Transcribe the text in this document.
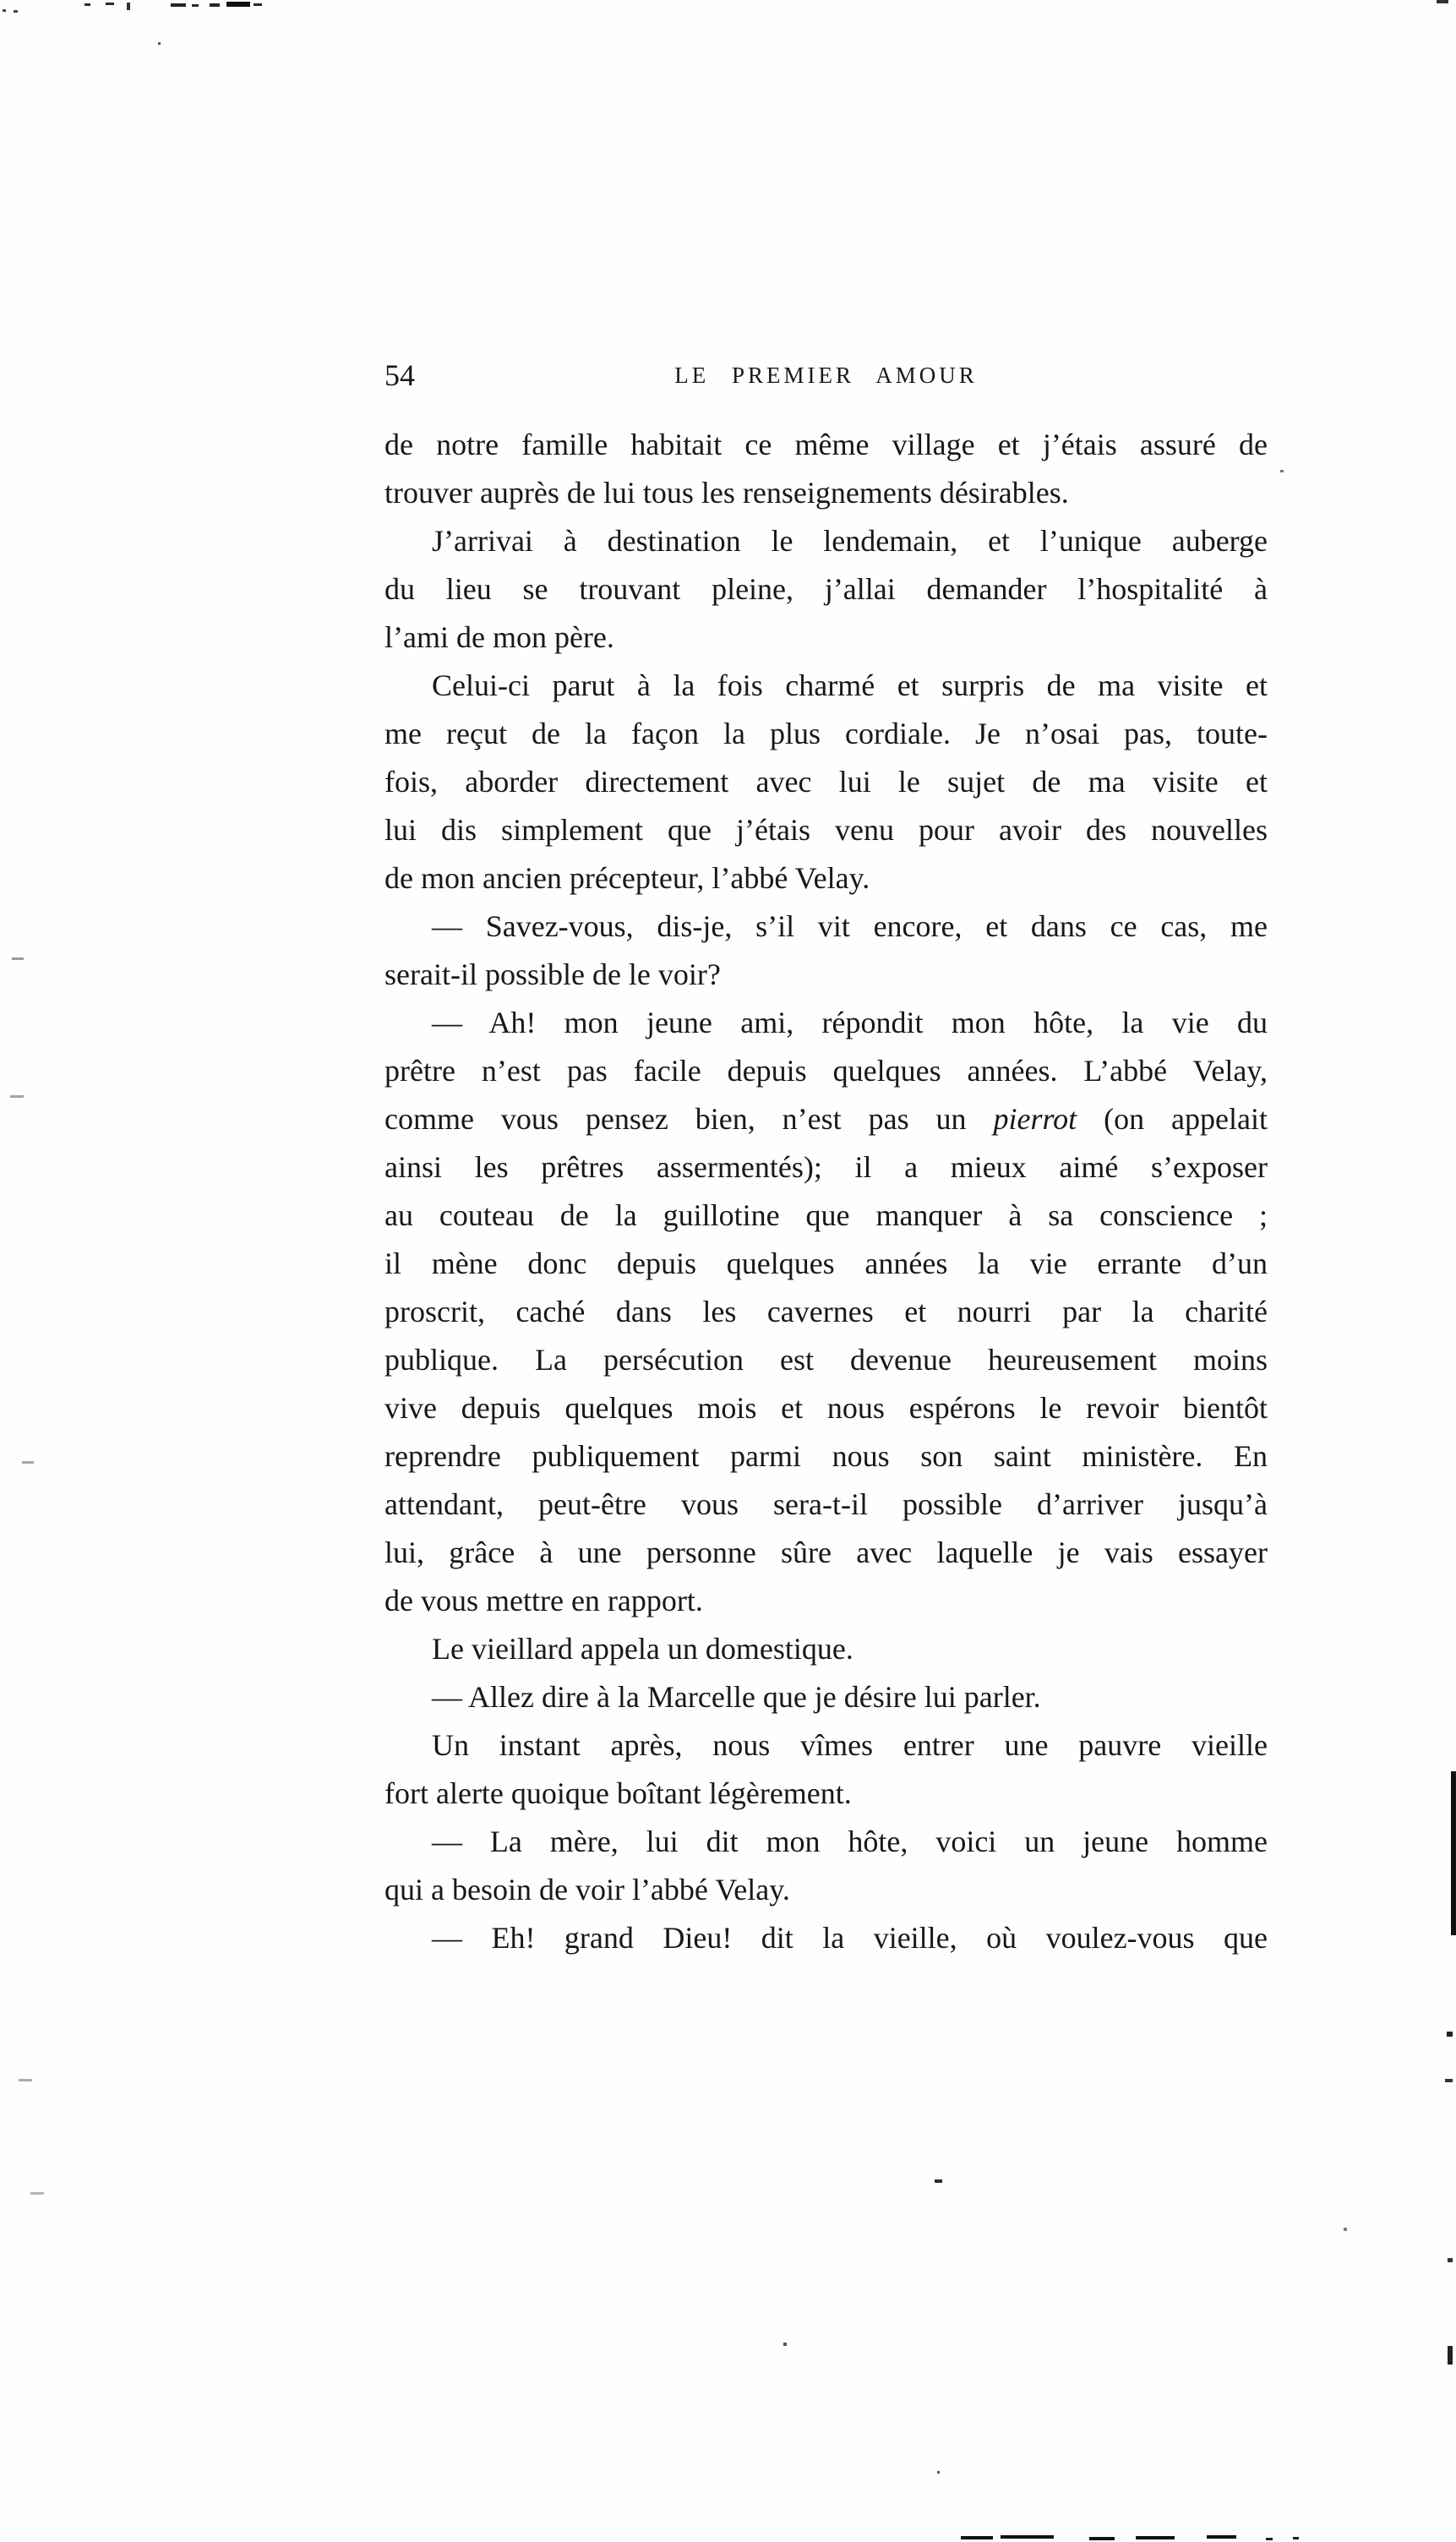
54	LE PREMIER AMOUR
de notre famille habitait ce même village et j’étais assuré de
trouver auprès de lui tous les renseignements désirables.
J’arrivai à destination le lendemain, et l’unique auberge
du lieu se trouvant pleine, j’allai demander l’hospitalité à
l’ami de mon père.
Celui-ci parut à la fois charmé et surpris de ma visite et
me reçut de la façon la plus cordiale. Je n’osai pas, toute-
fois, aborder directement avec lui le sujet de ma visite et
lui dis simplement que j’étais venu pour avoir des nouvelles
de mon ancien précepteur, l’abbé Velay.
— Savez-vous, dis-je, s’il vit encore, et dans ce cas, me
serait-il possible de le voir?
— Ah! mon jeune ami, répondit mon hôte, la vie du
prêtre n’est pas facile depuis quelques années. L’abbé Velay,
comme vous pensez bien, n’est pas un pierrot (on appelait
ainsi les prêtres assermentés); il a mieux aimé s’exposer
au couteau de la guillotine que manquer à sa conscience ;
il mène donc depuis quelques années la vie errante d’un
proscrit, caché dans les cavernes et nourri par la charité
publique. La persécution est devenue heureusement moins
vive depuis quelques mois et nous espérons le revoir bientôt
reprendre publiquement parmi nous son saint ministère. En
attendant, peut-être vous sera-t-il possible d’arriver jusqu’à
lui, grâce à une personne sûre avec laquelle je vais essayer
de vous mettre en rapport.
Le vieillard appela un domestique.
— Allez dire à la Marcelle que je désire lui parler.
Un instant après, nous vîmes entrer une pauvre vieille
fort alerte quoique boîtant légèrement.
— La mère, lui dit mon hôte, voici un jeune homme
qui a besoin de voir l’abbé Velay.
— Eh! grand Dieu! dit la vieille, où voulez-vous que
